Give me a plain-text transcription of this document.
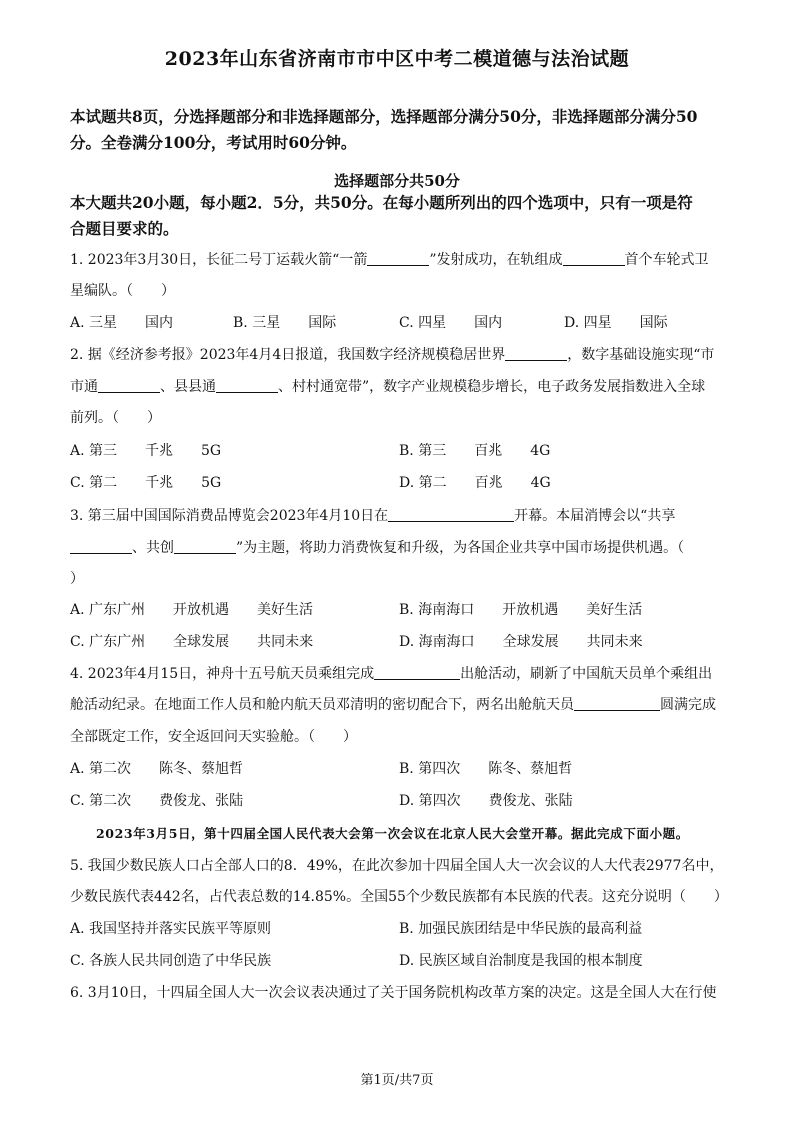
2023年山东省济南市市中区中考二模道德与法治试题
本试题共8页，分选择题部分和非选择题部分，选择题部分满分50分，非选择题部分满分50
分。全卷满分100分，考试用时60分钟。
选择题部分共50分
本大题共20小题，每小题2．5分，共50分。在每小题所列出的四个选项中，只有一项是符
合题目要求的。
1. 2023年3月30日，长征二号丁运载火箭“一箭	”发射成功，在轨组成	首个车轮式卫
星编队。（　　）
A. 三星　　国内	B. 三星　　国际	C. 四星　　国内	D. 四星　　国际
2. 据《经济参考报》2023年4月4日报道，我国数字经济规模稳居世界	，数字基础设施实现“市
市通	、县县通	、村村通宽带”，数字产业规模稳步增长，电子政务发展指数进入全球
前列。（　　）
A. 第三　　千兆　　5G	B. 第三　　百兆　　4G
C. 第二　　千兆　　5G	D. 第二　　百兆　　4G
3. 第三届中国国际消费品博览会2023年4月10日在	开幕。本届消博会以“共享
、共创	”为主题，将助力消费恢复和升级，为各国企业共享中国市场提供机遇。（
）
A. 广东广州　　开放机遇　　美好生活	B. 海南海口　　开放机遇　　美好生活
C. 广东广州　　全球发展　　共同未来	D. 海南海口　　全球发展　　共同未来
4. 2023年4月15日，神舟十五号航天员乘组完成	出舱活动，刷新了中国航天员单个乘组出
舱活动纪录。在地面工作人员和舱内航天员邓清明的密切配合下，两名出舱航天员	圆满完成
全部既定工作，安全返回问天实验舱。（　　）
A. 第二次　　陈冬、蔡旭哲	B. 第四次　　陈冬、蔡旭哲
C. 第二次　　费俊龙、张陆	D. 第四次　　费俊龙、张陆
2023年3月5日，第十四届全国人民代表大会第一次会议在北京人民大会堂开幕。据此完成下面小题。
5. 我国少数民族人口占全部人口的8．49%，在此次参加十四届全国人大一次会议的人大代表2977名中，
少数民族代表442名，占代表总数的14.85%。全国55个少数民族都有本民族的代表。这充分说明（　　）
A. 我国坚持并落实民族平等原则	B. 加强民族团结是中华民族的最高利益
C. 各族人民共同创造了中华民族	D. 民族区域自治制度是我国的根本制度
6. 3月10日，十四届全国人大一次会议表决通过了关于国务院机构改革方案的决定。这是全国人大在行使
第1页/共7页
